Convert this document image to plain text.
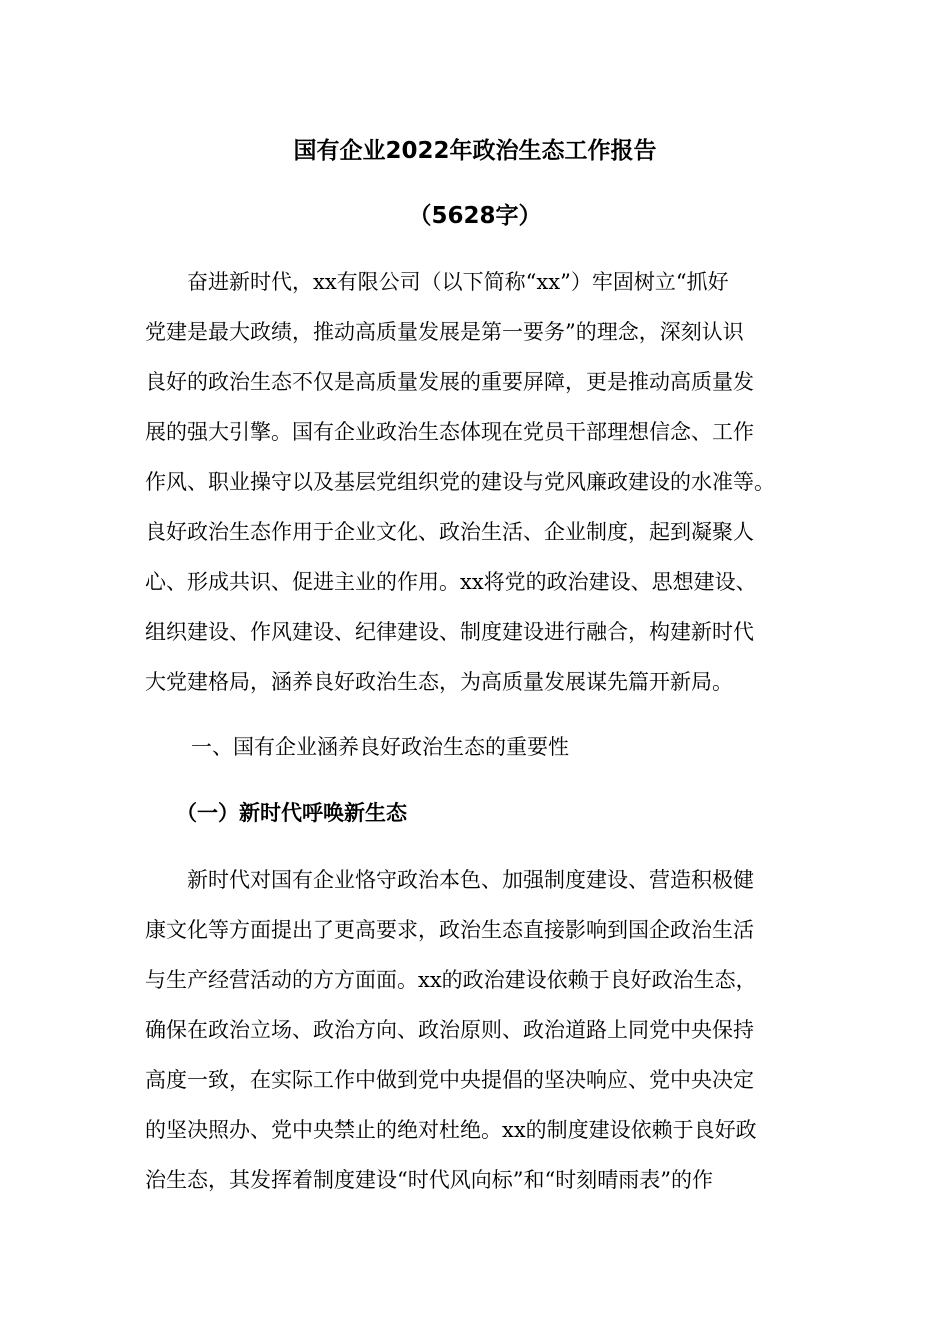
国有企业2022年政治生态工作报告
（5628字）
　　奋进新时代，xx有限公司（以下简称“xx”）牢固树立“抓好
党建是最大政绩，推动高质量发展是第一要务”的理念，深刻认识
良好的政治生态不仅是高质量发展的重要屏障，更是推动高质量发
展的强大引擎。国有企业政治生态体现在党员干部理想信念、工作
作风、职业操守以及基层党组织党的建设与党风廉政建设的水准等。
良好政治生态作用于企业文化、政治生活、企业制度，起到凝聚人
心、形成共识、促进主业的作用。xx将党的政治建设、思想建设、
组织建设、作风建设、纪律建设、制度建设进行融合，构建新时代
大党建格局，涵养良好政治生态，为高质量发展谋先篇开新局。
一、国有企业涵养良好政治生态的重要性
（一）新时代呼唤新生态
　　新时代对国有企业恪守政治本色、加强制度建设、营造积极健
康文化等方面提出了更高要求，政治生态直接影响到国企政治生活
与生产经营活动的方方面面。xx的政治建设依赖于良好政治生态，
确保在政治立场、政治方向、政治原则、政治道路上同党中央保持
高度一致，在实际工作中做到党中央提倡的坚决响应、党中央决定
的坚决照办、党中央禁止的绝对杜绝。xx的制度建设依赖于良好政
治生态，其发挥着制度建设“时代风向标”和“时刻晴雨表”的作
